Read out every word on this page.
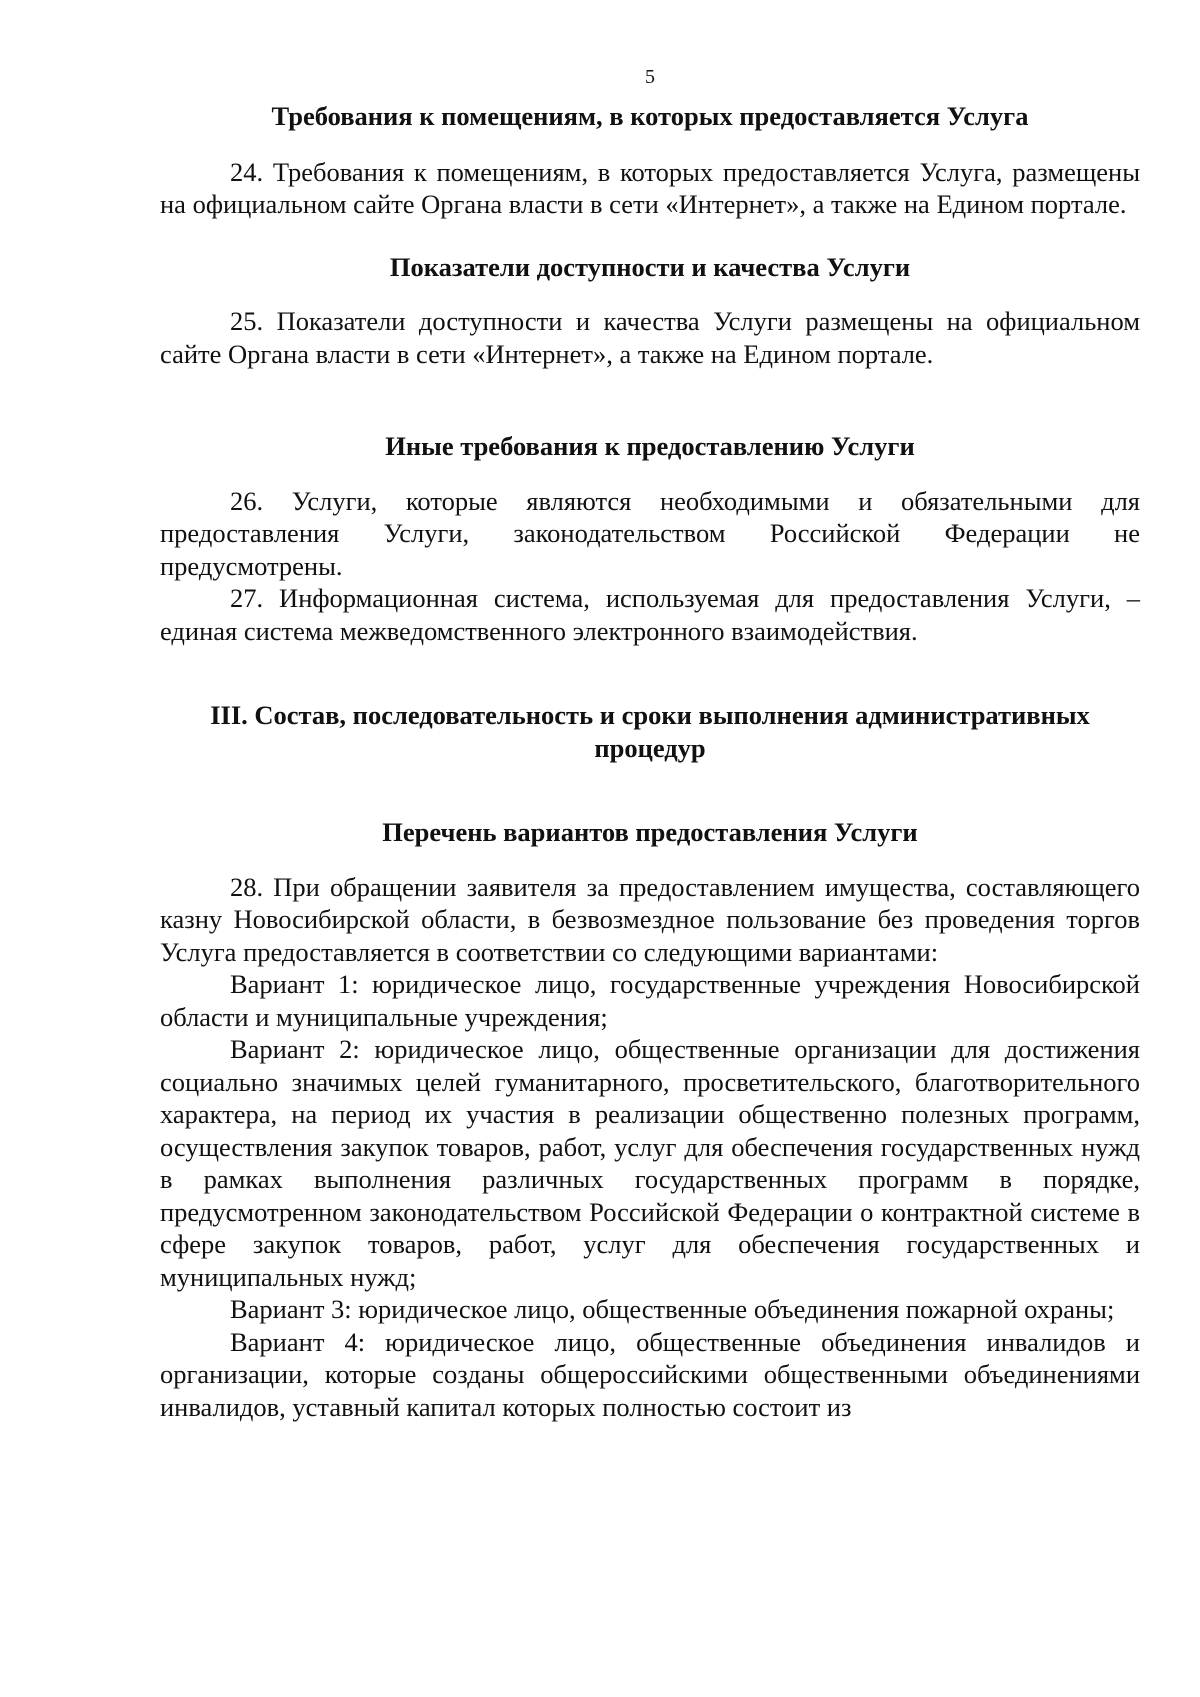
5
Требования к помещениям, в которых предоставляется Услуга

24. Требования к помещениям, в которых предоставляется Услуга, размещены на официальном сайте Органа власти в сети «Интернет», а также на Едином портале.

Показатели доступности и качества Услуги

25. Показатели доступности и качества Услуги размещены на официальном сайте Органа власти в сети «Интернет», а также на Едином портале.

Иные требования к предоставлению Услуги

26. Услуги, которые являются необходимыми и обязательными для предоставления Услуги, законодательством Российской Федерации не предусмотрены.

27. Информационная система, используемая для предоставления Услуги, – единая система межведомственного электронного взаимодействия.

III. Состав, последовательность и сроки выполнения административных процедур
Перечень вариантов предоставления Услуги

28. При обращении заявителя за предоставлением имущества, составляющего казну Новосибирской области, в безвозмездное пользование без проведения торгов Услуга предоставляется в соответствии со следующими вариантами:

Вариант 1: юридическое лицо, государственные учреждения Новосибирской области и муниципальные учреждения;

Вариант 2: юридическое лицо, общественные организации для достижения социально значимых целей гуманитарного, просветительского, благотворительного характера, на период их участия в реализации общественно полезных программ, осуществления закупок товаров, работ, услуг для обеспечения государственных нужд в рамках выполнения различных государственных программ в порядке, предусмотренном законодательством Российской Федерации о контрактной системе в сфере закупок товаров, работ, услуг для обеспечения государственных и муниципальных нужд;

Вариант 3: юридическое лицо, общественные объединения пожарной охраны;

Вариант 4: юридическое лицо, общественные объединения инвалидов и организации, которые созданы общероссийскими общественными объединениями инвалидов, уставный капитал которых полностью состоит из
